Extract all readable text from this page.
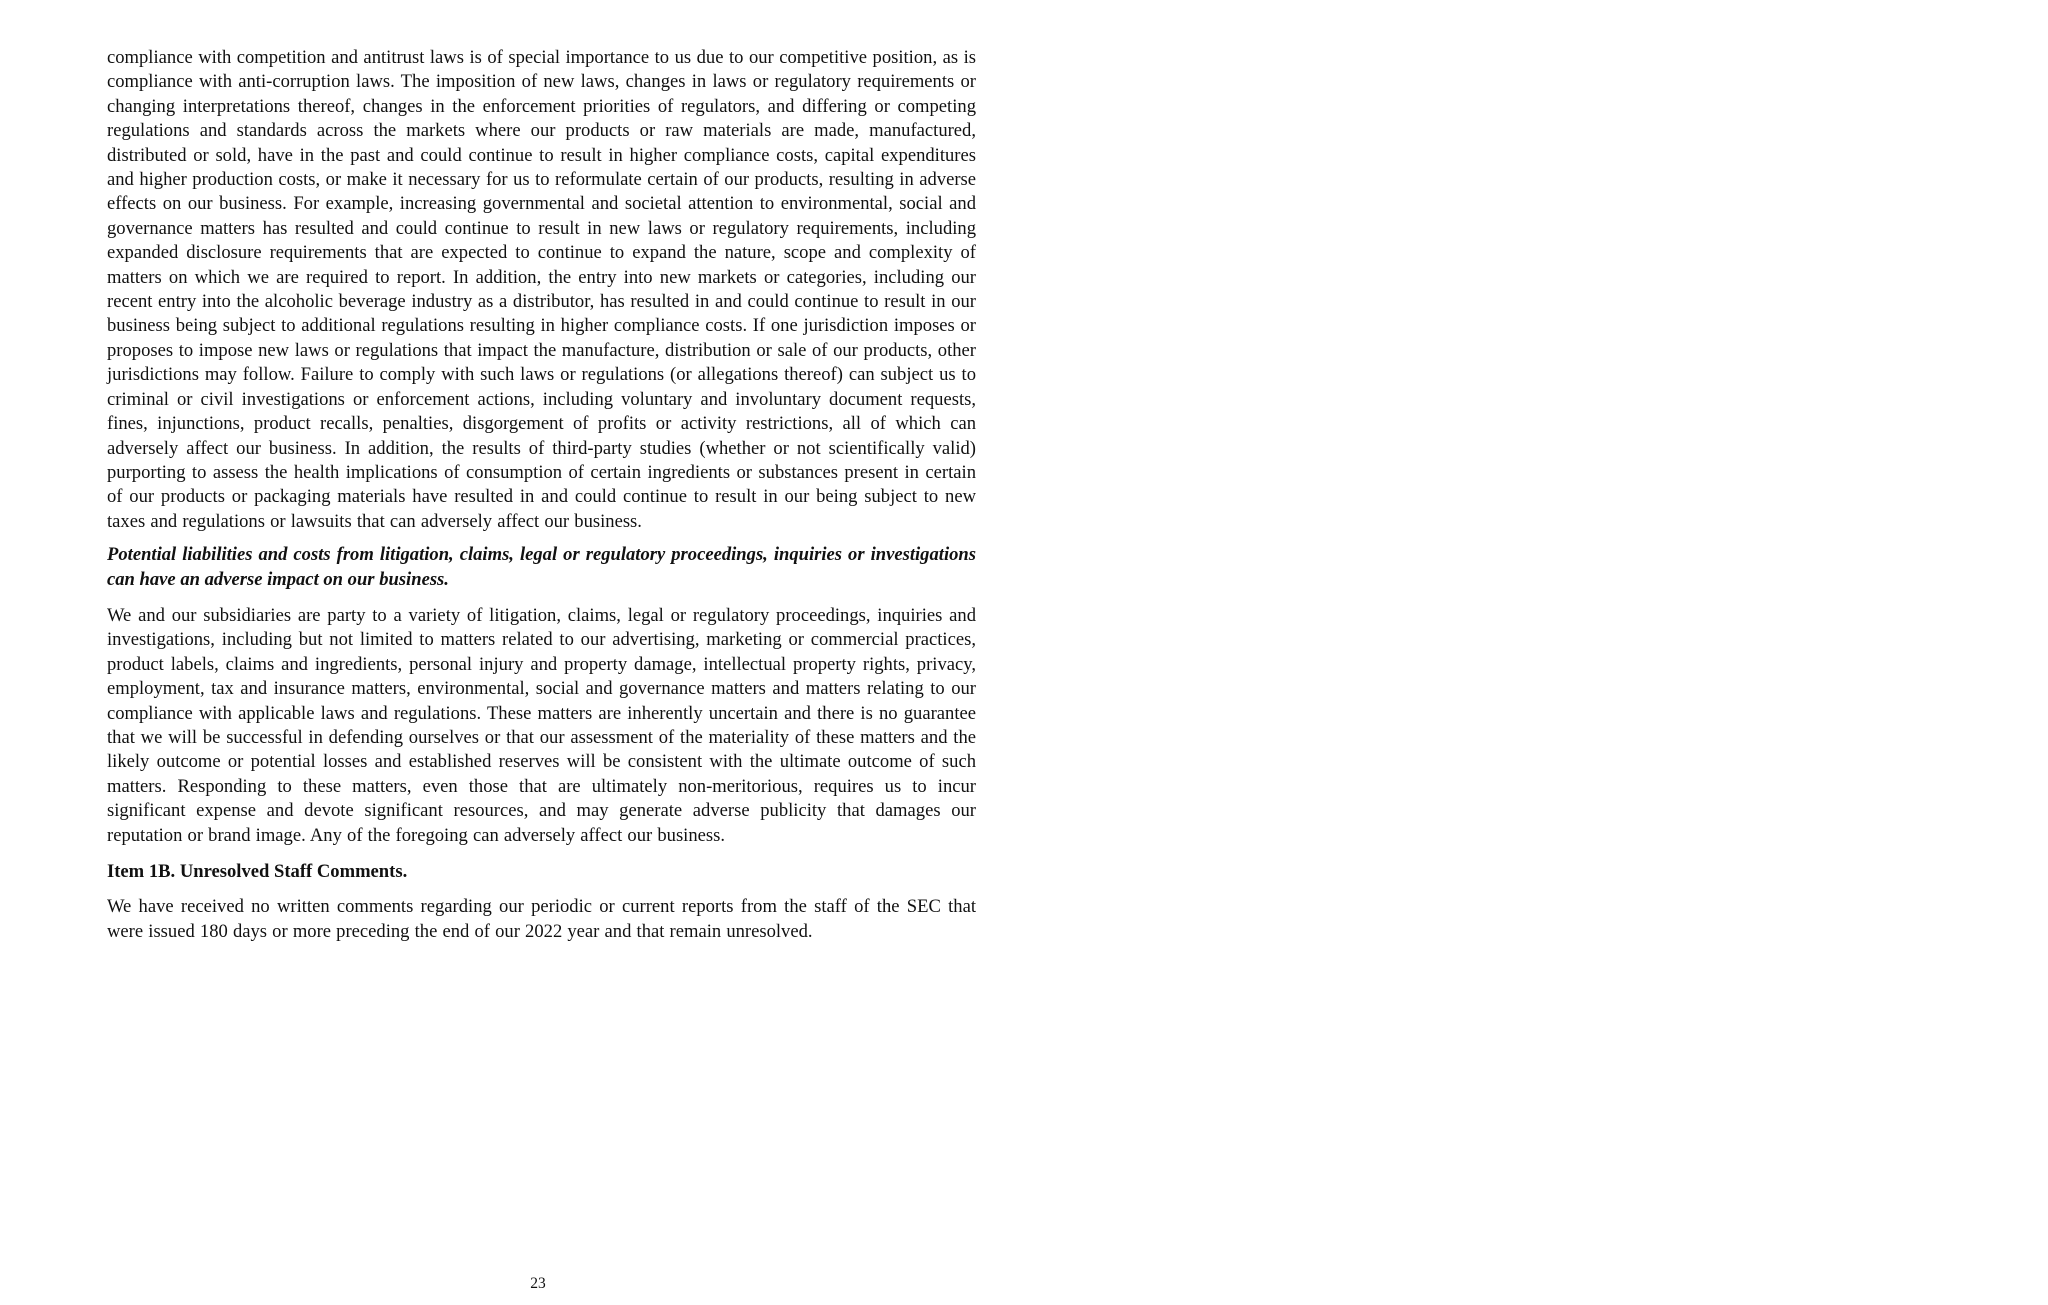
compliance with competition and antitrust laws is of special importance to us due to our competitive position, as is compliance with anti-corruption laws. The imposition of new laws, changes in laws or regulatory requirements or changing interpretations thereof, changes in the enforcement priorities of regulators, and differing or competing regulations and standards across the markets where our products or raw materials are made, manufactured, distributed or sold, have in the past and could continue to result in higher compliance costs, capital expenditures and higher production costs, or make it necessary for us to reformulate certain of our products, resulting in adverse effects on our business. For example, increasing governmental and societal attention to environmental, social and governance matters has resulted and could continue to result in new laws or regulatory requirements, including expanded disclosure requirements that are expected to continue to expand the nature, scope and complexity of matters on which we are required to report. In addition, the entry into new markets or categories, including our recent entry into the alcoholic beverage industry as a distributor, has resulted in and could continue to result in our business being subject to additional regulations resulting in higher compliance costs. If one jurisdiction imposes or proposes to impose new laws or regulations that impact the manufacture, distribution or sale of our products, other jurisdictions may follow. Failure to comply with such laws or regulations (or allegations thereof) can subject us to criminal or civil investigations or enforcement actions, including voluntary and involuntary document requests, fines, injunctions, product recalls, penalties, disgorgement of profits or activity restrictions, all of which can adversely affect our business. In addition, the results of third-party studies (whether or not scientifically valid) purporting to assess the health implications of consumption of certain ingredients or substances present in certain of our products or packaging materials have resulted in and could continue to result in our being subject to new taxes and regulations or lawsuits that can adversely affect our business.

Potential liabilities and costs from litigation, claims, legal or regulatory proceedings, inquiries or investigations can have an adverse impact on our business.

We and our subsidiaries are party to a variety of litigation, claims, legal or regulatory proceedings, inquiries and investigations, including but not limited to matters related to our advertising, marketing or commercial practices, product labels, claims and ingredients, personal injury and property damage, intellectual property rights, privacy, employment, tax and insurance matters, environmental, social and governance matters and matters relating to our compliance with applicable laws and regulations. These matters are inherently uncertain and there is no guarantee that we will be successful in defending ourselves or that our assessment of the materiality of these matters and the likely outcome or potential losses and established reserves will be consistent with the ultimate outcome of such matters. Responding to these matters, even those that are ultimately non-meritorious, requires us to incur significant expense and devote significant resources, and may generate adverse publicity that damages our reputation or brand image. Any of the foregoing can adversely affect our business.

Item 1B. Unresolved Staff Comments.

We have received no written comments regarding our periodic or current reports from the staff of the SEC that were issued 180 days or more preceding the end of our 2022 year and that remain unresolved.

23
